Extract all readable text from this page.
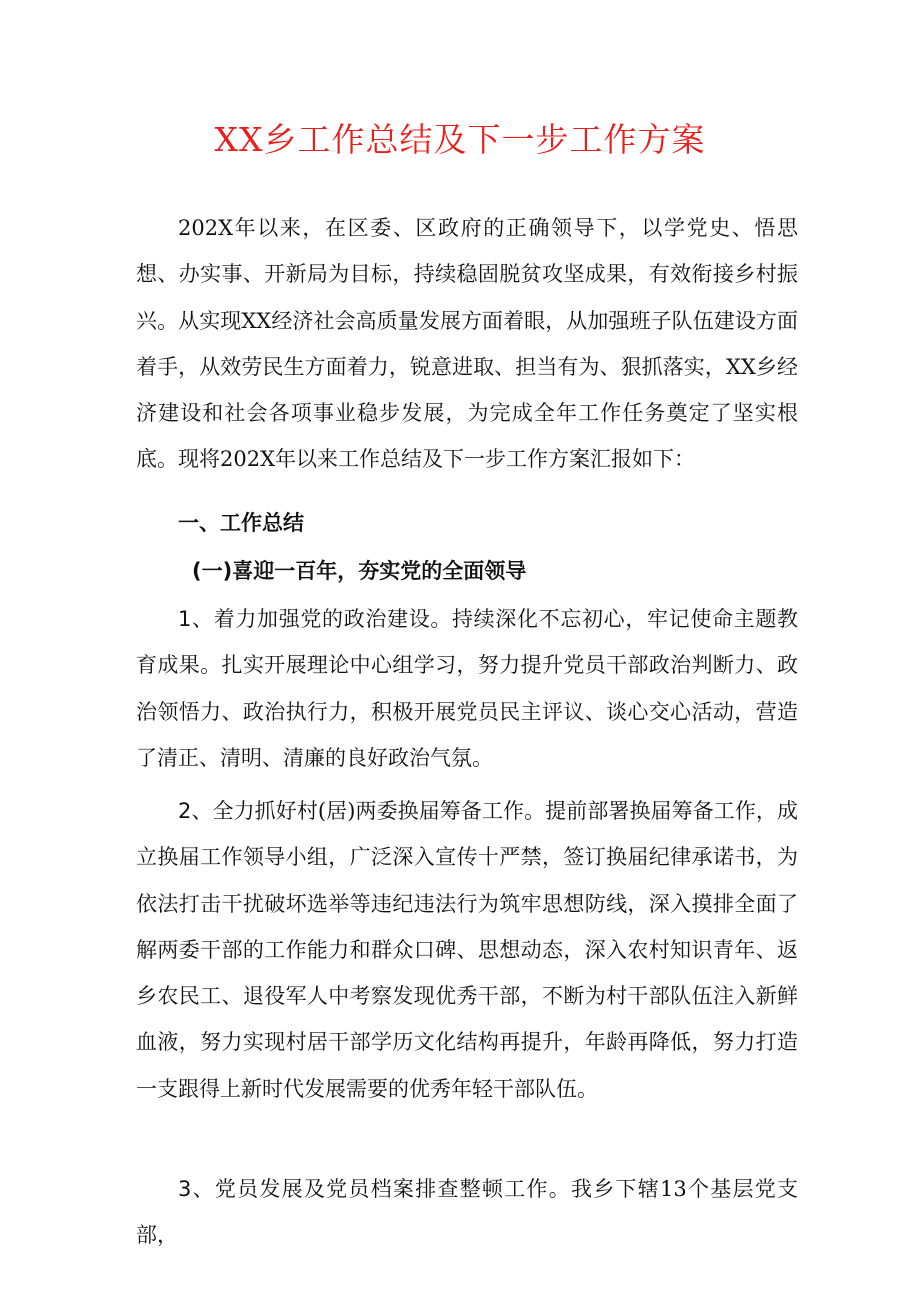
XX乡工作总结及下一步工作方案

202X年以来，在区委、区政府的正确领导下，以学党史、悟思想、办实事、开新局为目标，持续稳固脱贫攻坚成果，有效衔接乡村振兴。从实现XX经济社会高质量发展方面着眼，从加强班子队伍建设方面着手，从效劳民生方面着力，锐意进取、担当有为、狠抓落实，XX乡经济建设和社会各项事业稳步发展，为完成全年工作任务奠定了坚实根底。现将202X年以来工作总结及下一步工作方案汇报如下：

一、工作总结

(一)喜迎一百年，夯实党的全面领导

1、着力加强党的政治建设。持续深化不忘初心，牢记使命主题教育成果。扎实开展理论中心组学习，努力提升党员干部政治判断力、政治领悟力、政治执行力，积极开展党员民主评议、谈心交心活动，营造了清正、清明、清廉的良好政治气氛。

2、全力抓好村(居)两委换届筹备工作。提前部署换届筹备工作，成立换届工作领导小组，广泛深入宣传十严禁，签订换届纪律承诺书，为依法打击干扰破坏选举等违纪违法行为筑牢思想防线，深入摸排全面了解两委干部的工作能力和群众口碑、思想动态，深入农村知识青年、返乡农民工、退役军人中考察发现优秀干部，不断为村干部队伍注入新鲜血液，努力实现村居干部学历文化结构再提升，年龄再降低，努力打造一支跟得上新时代发展需要的优秀年轻干部队伍。

3、党员发展及党员档案排查整顿工作。我乡下辖13个基层党支部，
